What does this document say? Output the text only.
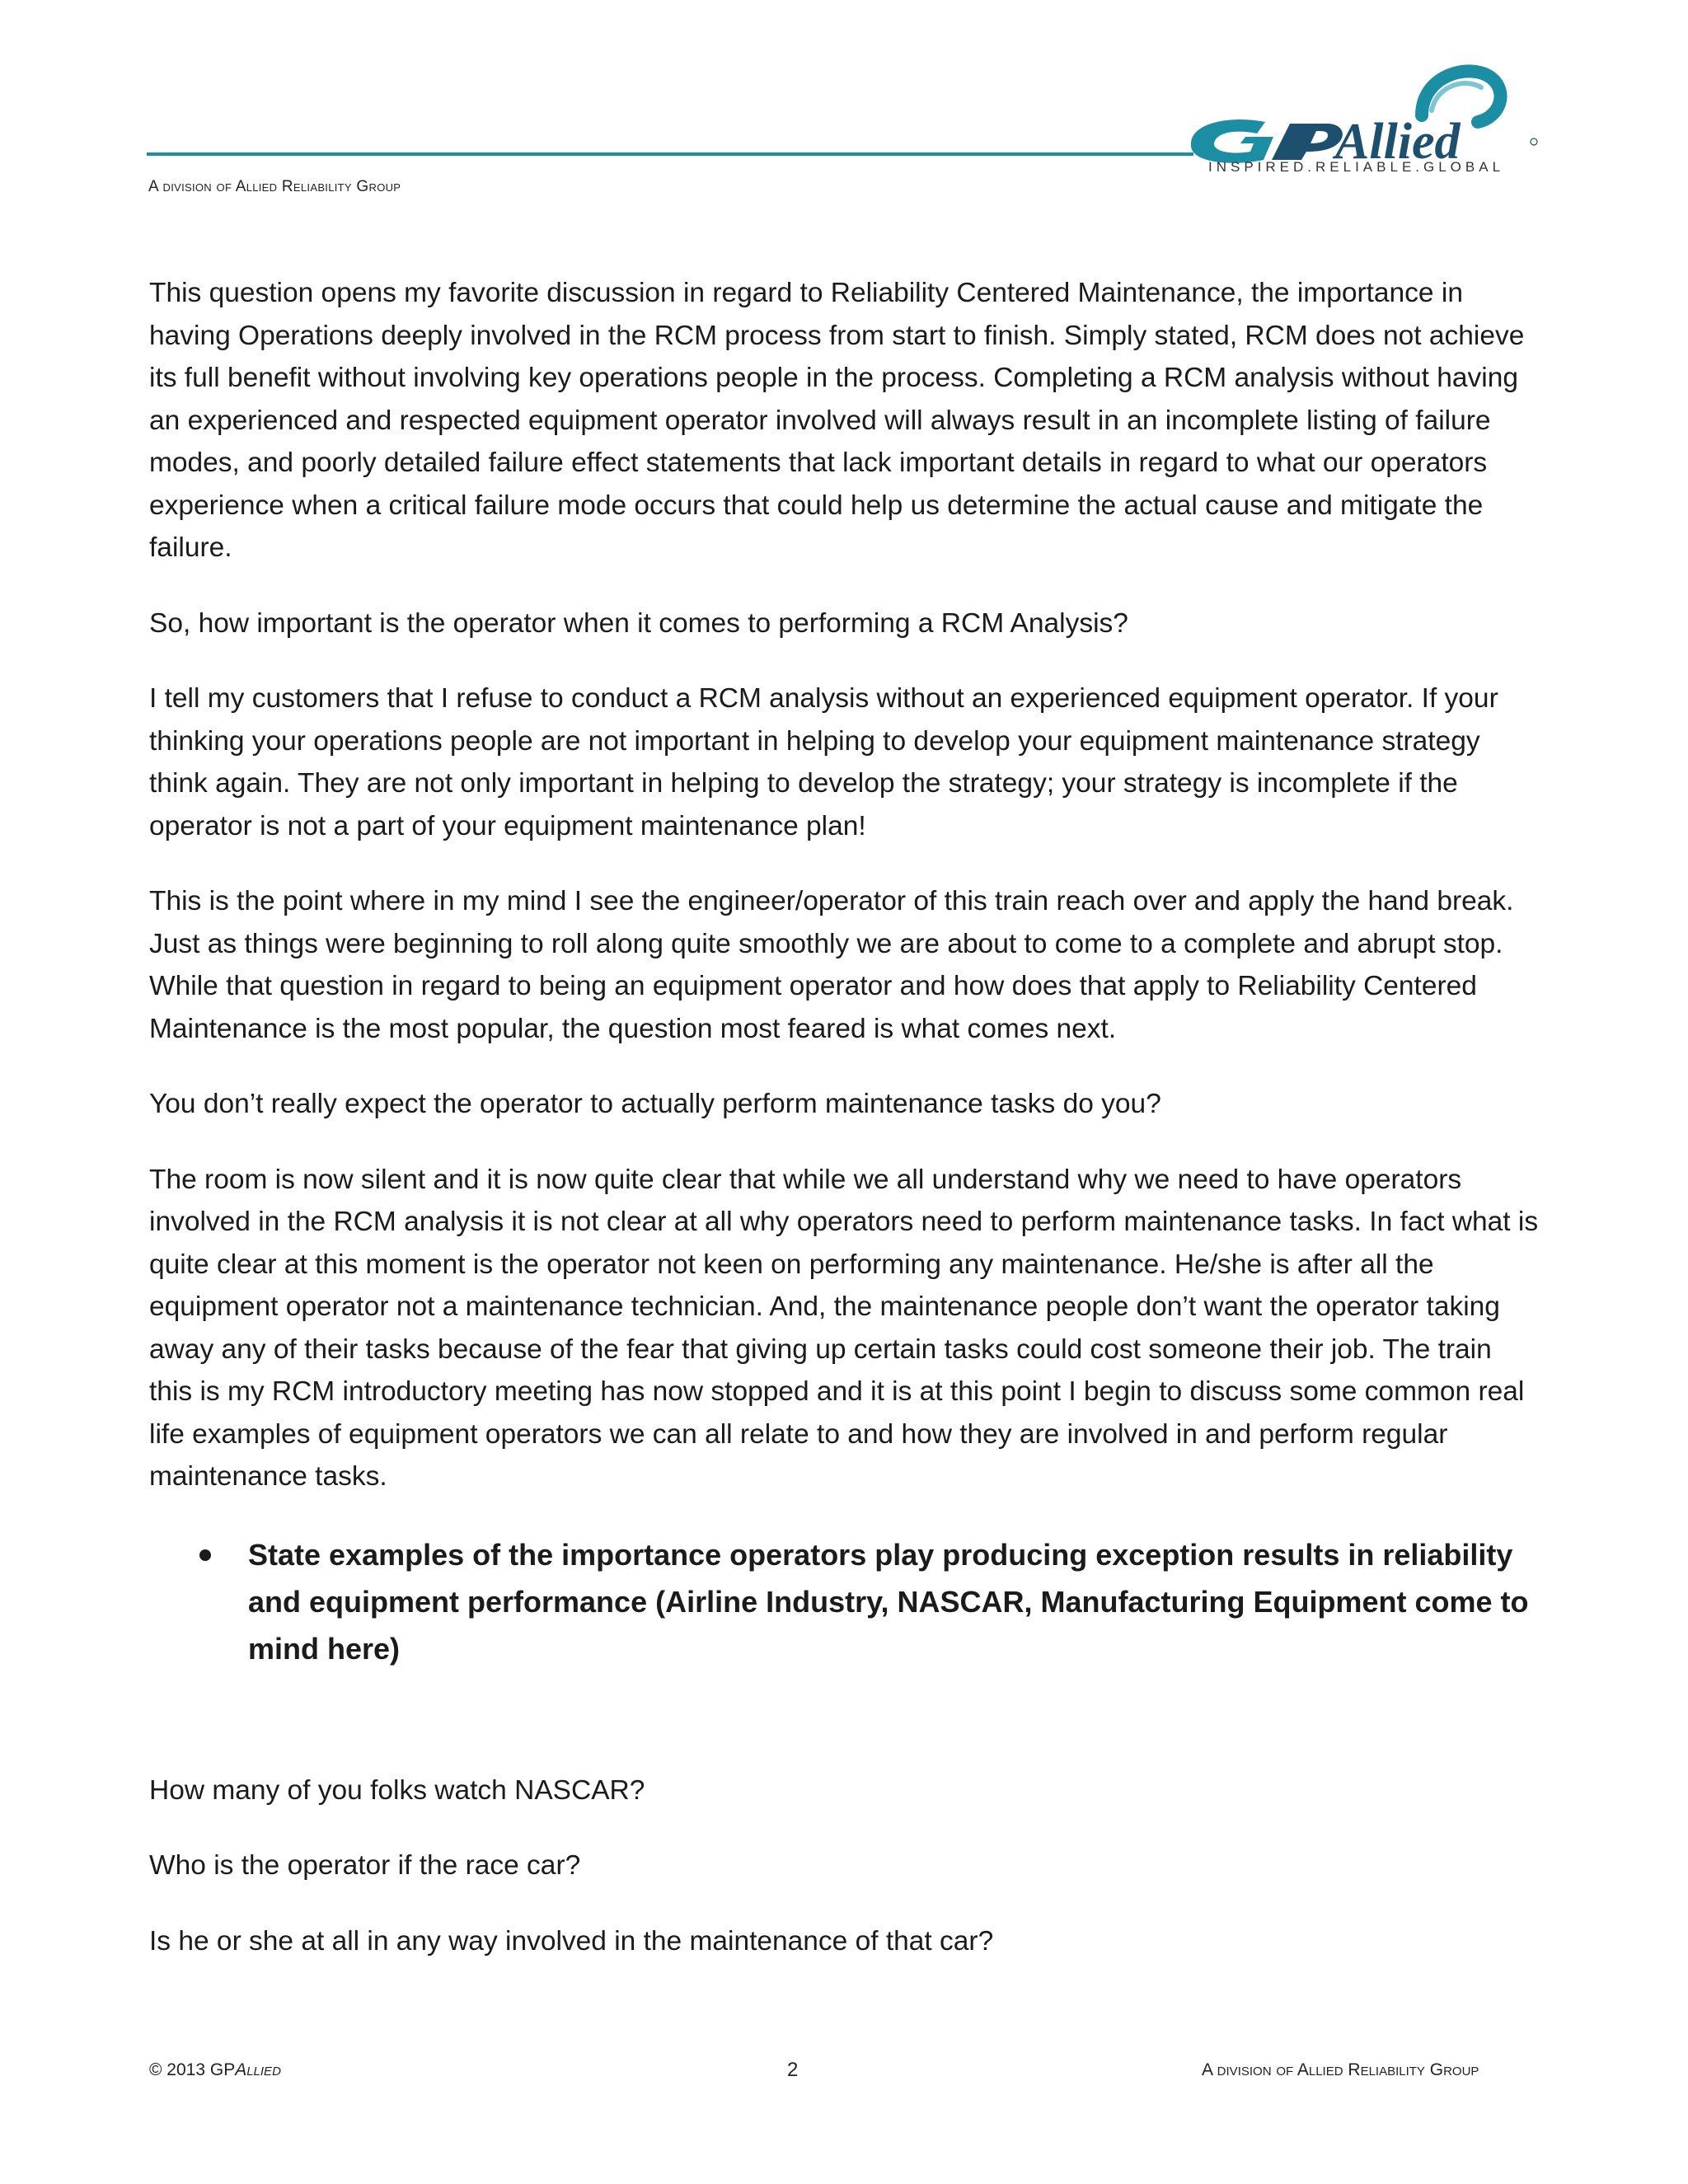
A division of Allied Reliability Group
Allied
INSPIRED.RELIABLE.GLOBAL

This question opens my favorite discussion in regard to Reliability Centered Maintenance, the importance in having Operations deeply involved in the RCM process from start to finish. Simply stated, RCM does not achieve its full benefit without involving key operations people in the process. Completing a RCM analysis without having an experienced and respected equipment operator involved will always result in an incomplete listing of failure modes, and poorly detailed failure effect statements that lack important details in regard to what our operators experience when a critical failure mode occurs that could help us determine the actual cause and mitigate the failure.

So, how important is the operator when it comes to performing a RCM Analysis?

I tell my customers that I refuse to conduct a RCM analysis without an experienced equipment operator. If your thinking your operations people are not important in helping to develop your equipment maintenance strategy think again. They are not only important in helping to develop the strategy; your strategy is incomplete if the operator is not a part of your equipment maintenance plan!

This is the point where in my mind I see the engineer/operator of this train reach over and apply the hand break. Just as things were beginning to roll along quite smoothly we are about to come to a complete and abrupt stop. While that question in regard to being an equipment operator and how does that apply to Reliability Centered Maintenance is the most popular, the question most feared is what comes next.

You don’t really expect the operator to actually perform maintenance tasks do you?

The room is now silent and it is now quite clear that while we all understand why we need to have operators involved in the RCM analysis it is not clear at all why operators need to perform maintenance tasks. In fact what is quite clear at this moment is the operator not keen on performing any maintenance. He/she is after all the equipment operator not a maintenance technician. And, the maintenance people don’t want the operator taking away any of their tasks because of the fear that giving up certain tasks could cost someone their job. The train this is my RCM introductory meeting has now stopped and it is at this point I begin to discuss some common real life examples of equipment operators we can all relate to and how they are involved in and perform regular maintenance tasks.

State examples of the importance operators play producing exception results in reliability and equipment performance (Airline Industry, NASCAR, Manufacturing Equipment come to mind here)

How many of you folks watch NASCAR?

Who is the operator if the race car?

Is he or she at all in any way involved in the maintenance of that car?

© 2013 GPAllied	2	A division of Allied Reliability Group
